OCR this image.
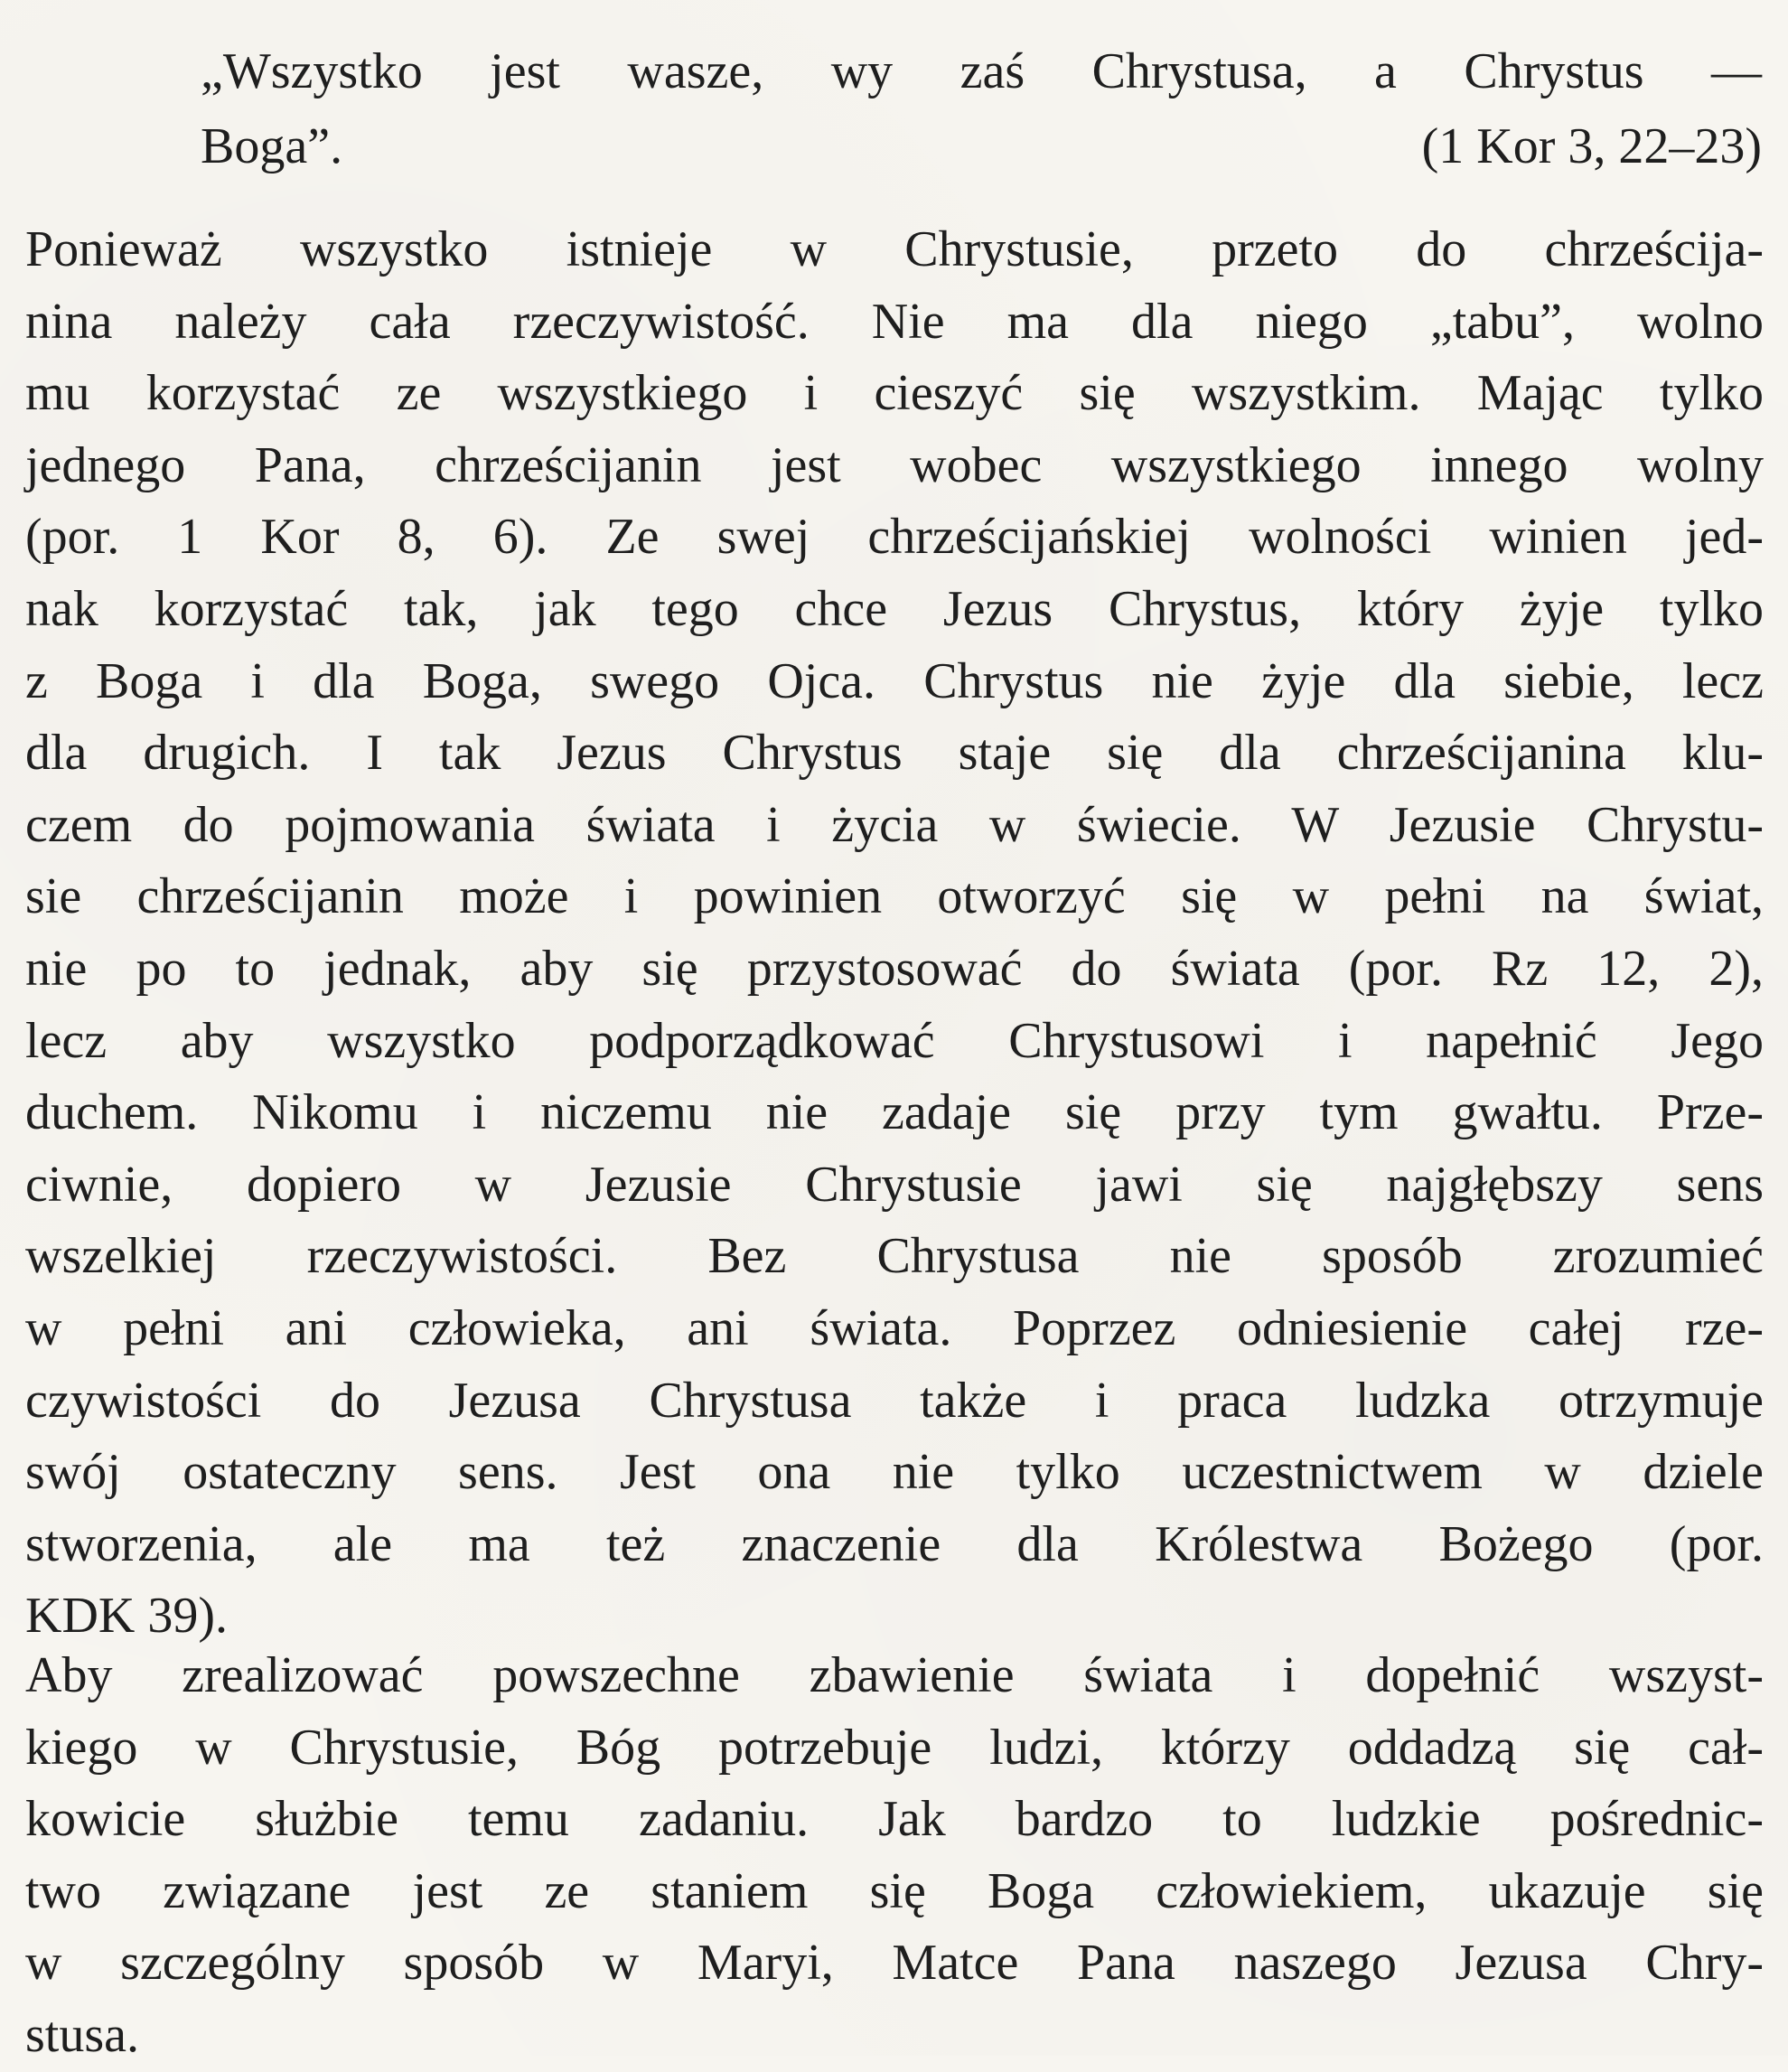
„Wszystko jest wasze, wy zaś Chrystusa, a Chrystus —
Boga”.	(1 Kor 3, 22–23)
Ponieważ wszystko istnieje w Chrystusie, przeto do chrześcija-
nina należy cała rzeczywistość. Nie ma dla niego „tabu”, wolno
mu korzystać ze wszystkiego i cieszyć się wszystkim. Mając tylko
jednego Pana, chrześcijanin jest wobec wszystkiego innego wolny
(por. 1 Kor 8, 6). Ze swej chrześcijańskiej wolności winien jed-
nak korzystać tak, jak tego chce Jezus Chrystus, który żyje tylko
z Boga i dla Boga, swego Ojca. Chrystus nie żyje dla siebie, lecz
dla drugich. I tak Jezus Chrystus staje się dla chrześcijanina klu-
czem do pojmowania świata i życia w świecie. W Jezusie Chrystu-
sie chrześcijanin może i powinien otworzyć się w pełni na świat,
nie po to jednak, aby się przystosować do świata (por. Rz 12, 2),
lecz aby wszystko podporządkować Chrystusowi i napełnić Jego
duchem. Nikomu i niczemu nie zadaje się przy tym gwałtu. Prze-
ciwnie, dopiero w Jezusie Chrystusie jawi się najgłębszy sens
wszelkiej rzeczywistości. Bez Chrystusa nie sposób zrozumieć
w pełni ani człowieka, ani świata. Poprzez odniesienie całej rze-
czywistości do Jezusa Chrystusa także i praca ludzka otrzymuje
swój ostateczny sens. Jest ona nie tylko uczestnictwem w dziele
stworzenia, ale ma też znaczenie dla Królestwa Bożego (por.
KDK 39).
Aby zrealizować powszechne zbawienie świata i dopełnić wszyst-
kiego w Chrystusie, Bóg potrzebuje ludzi, którzy oddadzą się cał-
kowicie służbie temu zadaniu. Jak bardzo to ludzkie pośrednic-
two związane jest ze staniem się Boga człowiekiem, ukazuje się
w szczególny sposób w Maryi, Matce Pana naszego Jezusa Chry-
stusa.
